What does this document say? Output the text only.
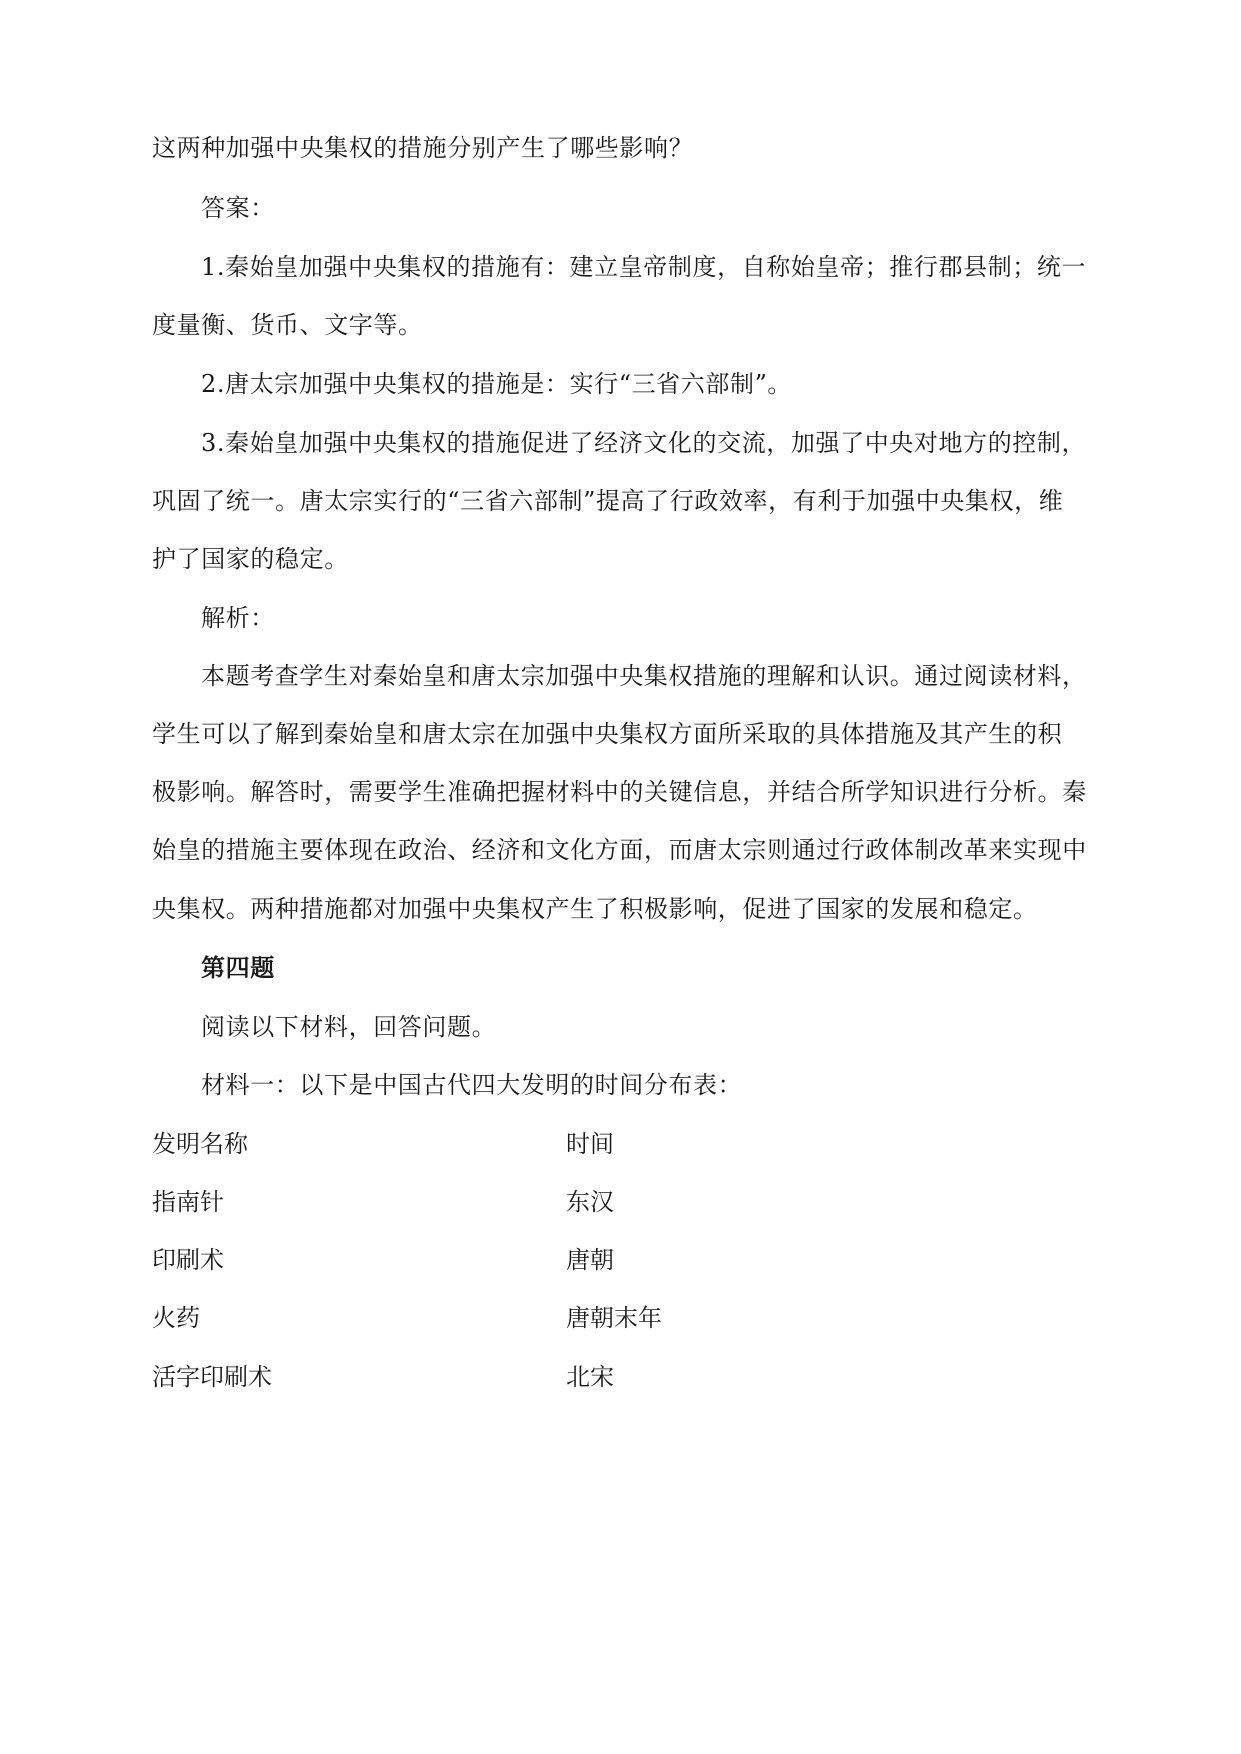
这两种加强中央集权的措施分别产生了哪些影响？
答案：
1.秦始皇加强中央集权的措施有：建立皇帝制度，自称始皇帝；推行郡县制；统一
度量衡、货币、文字等。
2.唐太宗加强中央集权的措施是：实行“三省六部制”。
3.秦始皇加强中央集权的措施促进了经济文化的交流，加强了中央对地方的控制，
巩固了统一。唐太宗实行的“三省六部制”提高了行政效率，有利于加强中央集权，维
护了国家的稳定。
解析：
本题考查学生对秦始皇和唐太宗加强中央集权措施的理解和认识。通过阅读材料，
学生可以了解到秦始皇和唐太宗在加强中央集权方面所采取的具体措施及其产生的积
极影响。解答时，需要学生准确把握材料中的关键信息，并结合所学知识进行分析。秦
始皇的措施主要体现在政治、经济和文化方面，而唐太宗则通过行政体制改革来实现中
央集权。两种措施都对加强中央集权产生了积极影响，促进了国家的发展和稳定。
第四题
阅读以下材料，回答问题。
材料一：以下是中国古代四大发明的时间分布表：
发明名称	时间
指南针	东汉
印刷术	唐朝
火药	唐朝末年
活字印刷术	北宋
